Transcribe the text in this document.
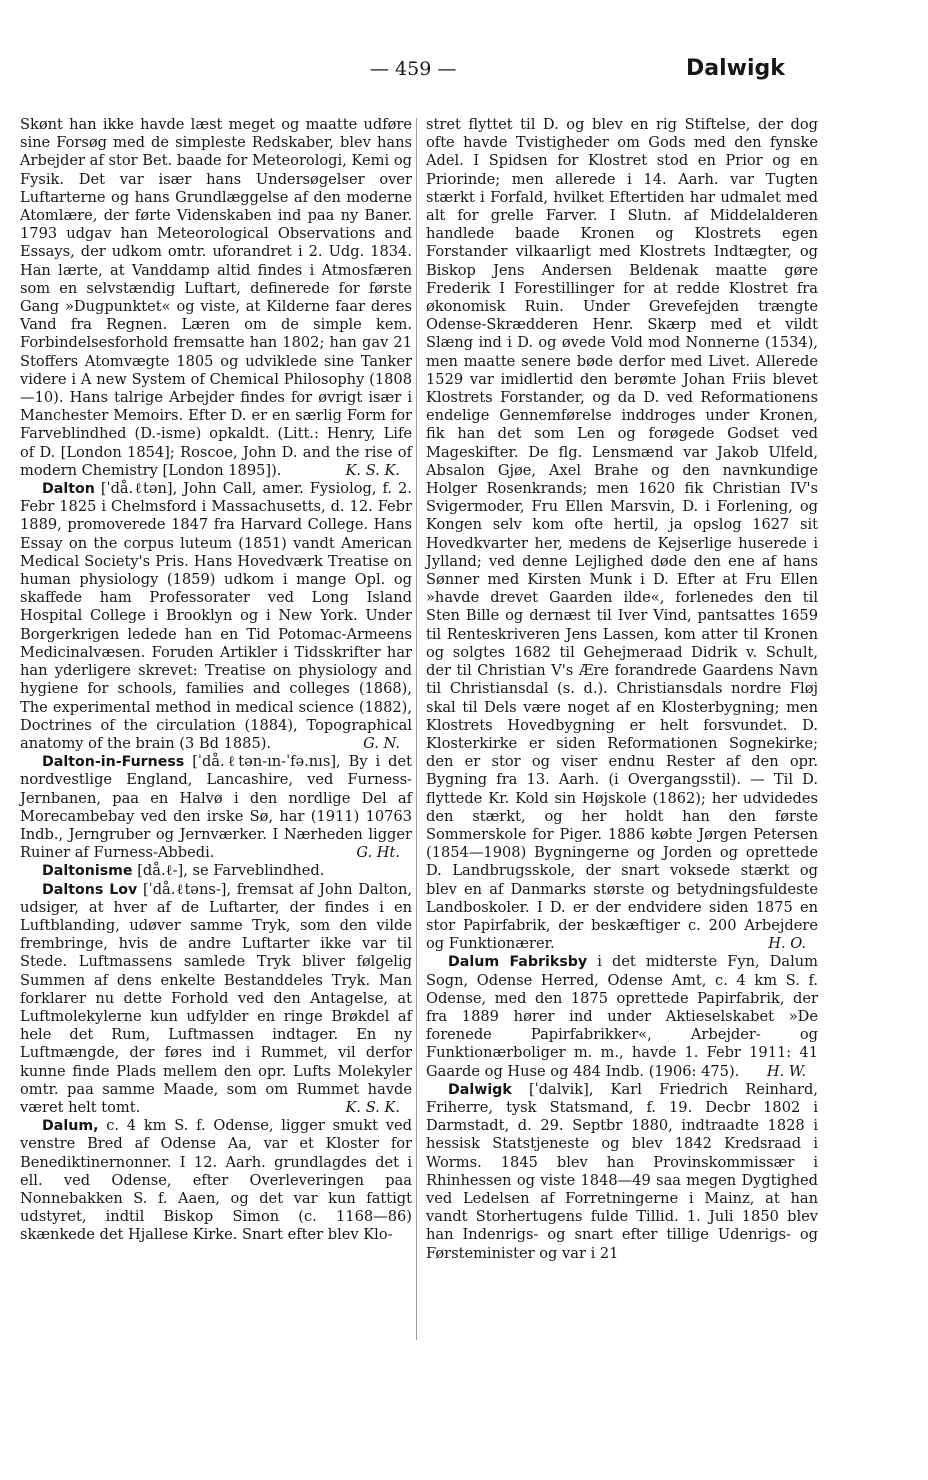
— 459 —	Dalwigk

Skønt han ikke havde læst meget og maatte udføre sine Forsøg med de simpleste Redskaber, blev hans Arbejder af stor Bet. baade for Meteorologi, Kemi og Fysik. Det var især hans Undersøgelser over Luftarterne og hans Grundlæggelse af den moderne Atomlære, der førte Videnskaben ind paa ny Baner. 1793 udgav han Meteorological Observations and Essays, der udkom omtr. uforandret i 2. Udg. 1834. Han lærte, at Vanddamp altid findes i Atmosfæren som en selvstændig Luftart, definerede for første Gang »Dugpunktet« og viste, at Kilderne faar deres Vand fra Regnen. Læren om de simple kem. Forbindelsesforhold fremsatte han 1802; han gav 21 Stoffers Atomvægte 1805 og udviklede sine Tanker videre i A new System of Chemical Philosophy (1808—10). Hans talrige Arbejder findes for øvrigt især i Manchester Memoirs. Efter D. er en særlig Form for Farveblindhed (D.-isme) opkaldt. (Litt.: Henry, Life of D. [London 1854]; Roscoe, John D. and the rise of modern Chemistry [London 1895]).	K. S. K.

Dalton [ˈdå.ℓtən], John Call, amer. Fysiolog, f. 2. Febr 1825 i Chelmsford i Massachusetts, d. 12. Febr 1889, promoverede 1847 fra Harvard College. Hans Essay on the corpus luteum (1851) vandt American Medical Society's Pris. Hans Hovedværk Treatise on human physiology (1859) udkom i mange Opl. og skaffede ham Professorater ved Long Island Hospital College i Brooklyn og i New York. Under Borgerkrigen ledede han en Tid Potomac-Armeens Medicinalvæsen. Foruden Artikler i Tidsskrifter har han yderligere skrevet: Treatise on physiology and hygiene for schools, families and colleges (1868), The experimental method in medical science (1882), Doctrines of the circulation (1884), Topographical anatomy of the brain (3 Bd 1885).	G. N.

Dalton-in-Furness [ˈdå.ℓtən-ın-ˈfə.nıs], By i det nordvestlige England, Lancashire, ved Furness-Jernbanen, paa en Halvø i den nordlige Del af Morecambebay ved den irske Sø, har (1911) 10763 Indb., Jerngruber og Jernværker. I Nærheden ligger Ruiner af Furness-Abbedi.	G. Ht.

Daltonisme [då.ℓ-], se Farveblindhed.

Daltons Lov [ˈdå.ℓtəns-], fremsat af John Dalton, udsiger, at hver af de Luftarter, der findes i en Luftblanding, udøver samme Tryk, som den vilde frembringe, hvis de andre Luftarter ikke var til Stede. Luftmassens samlede Tryk bliver følgelig Summen af dens enkelte Bestanddeles Tryk. Man forklarer nu dette Forhold ved den Antagelse, at Luftmolekylerne kun udfylder en ringe Brøkdel af hele det Rum, Luftmassen indtager. En ny Luftmængde, der føres ind i Rummet, vil derfor kunne finde Plads mellem den opr. Lufts Molekyler omtr. paa samme Maade, som om Rummet havde været helt tomt.	K. S. K.

Dalum, c. 4 km S. f. Odense, ligger smukt ved venstre Bred af Odense Aa, var et Kloster for Benediktinernonner. I 12. Aarh. grundlagdes det i ell. ved Odense, efter Overleveringen paa Nonnebakken S. f. Aaen, og det var kun fattigt udstyret, indtil Biskop Simon (c. 1168—86) skænkede det Hjallese Kirke. Snart efter blev Klo-

stret flyttet til D. og blev en rig Stiftelse, der dog ofte havde Tvistigheder om Gods med den fynske Adel. I Spidsen for Klostret stod en Prior og en Priorinde; men allerede i 14. Aarh. var Tugten stærkt i Forfald, hvilket Eftertiden har udmalet med alt for grelle Farver. I Slutn. af Middelalderen handlede baade Kronen og Klostrets egen Forstander vilkaarligt med Klostrets Indtægter, og Biskop Jens Andersen Beldenak maatte gøre Frederik I Forestillinger for at redde Klostret fra økonomisk Ruin. Under Grevefejden trængte Odense-Skrædderen Henr. Skærp med et vildt Slæng ind i D. og øvede Vold mod Nonnerne (1534), men maatte senere bøde derfor med Livet. Allerede 1529 var imidlertid den berømte Johan Friis blevet Klostrets Forstander, og da D. ved Reformationens endelige Gennemførelse inddroges under Kronen, fik han det som Len og forøgede Godset ved Mageskifter. De flg. Lensmænd var Jakob Ulfeld, Absalon Gjøe, Axel Brahe og den navnkundige Holger Rosenkrands; men 1620 fik Christian IV's Svigermoder, Fru Ellen Marsvin, D. i Forlening, og Kongen selv kom ofte hertil, ja opslog 1627 sit Hovedkvarter her, medens de Kejserlige huserede i Jylland; ved denne Lejlighed døde den ene af hans Sønner med Kirsten Munk i D. Efter at Fru Ellen »havde drevet Gaarden ilde«, forlenedes den til Sten Bille og dernæst til Iver Vind, pantsattes 1659 til Renteskriveren Jens Lassen, kom atter til Kronen og solgtes 1682 til Gehejmeraad Didrik v. Schult, der til Christian V's Ære forandrede Gaardens Navn til Christiansdal (s. d.). Christiansdals nordre Fløj skal til Dels være noget af en Klosterbygning; men Klostrets Hovedbygning er helt forsvundet. D. Klosterkirke er siden Reformationen Sognekirke; den er stor og viser endnu Rester af den opr. Bygning fra 13. Aarh. (i Overgangsstil). — Til D. flyttede Kr. Kold sin Højskole (1862); her udvidedes den stærkt, og her holdt han den første Sommerskole for Piger. 1886 købte Jørgen Petersen (1854—1908) Bygningerne og Jorden og oprettede D. Landbrugsskole, der snart voksede stærkt og blev en af Danmarks største og betydningsfuldeste Landboskoler. I D. er der endvidere siden 1875 en stor Papirfabrik, der beskæftiger c. 200 Arbejdere og Funktionærer.	H. O.

Dalum Fabriksby i det midterste Fyn, Dalum Sogn, Odense Herred, Odense Amt, c. 4 km S. f. Odense, med den 1875 oprettede Papirfabrik, der fra 1889 hører ind under Aktieselskabet »De forenede Papirfabrikker«, Arbejder- og Funktionærboliger m. m., havde 1. Febr 1911: 41 Gaarde og Huse og 484 Indb. (1906: 475).	H. W.

Dalwigk [ˈdalvik], Karl Friedrich Reinhard, Friherre, tysk Statsmand, f. 19. Decbr 1802 i Darmstadt, d. 29. Septbr 1880, indtraadte 1828 i hessisk Statstjeneste og blev 1842 Kredsraad i Worms. 1845 blev han Provinskommissær i Rhinhessen og viste 1848—49 saa megen Dygtighed ved Ledelsen af Forretningerne i Mainz, at han vandt Storhertugens fulde Tillid. 1. Juli 1850 blev han Indenrigs- og snart efter tillige Udenrigs- og Førsteminister og var i 21
